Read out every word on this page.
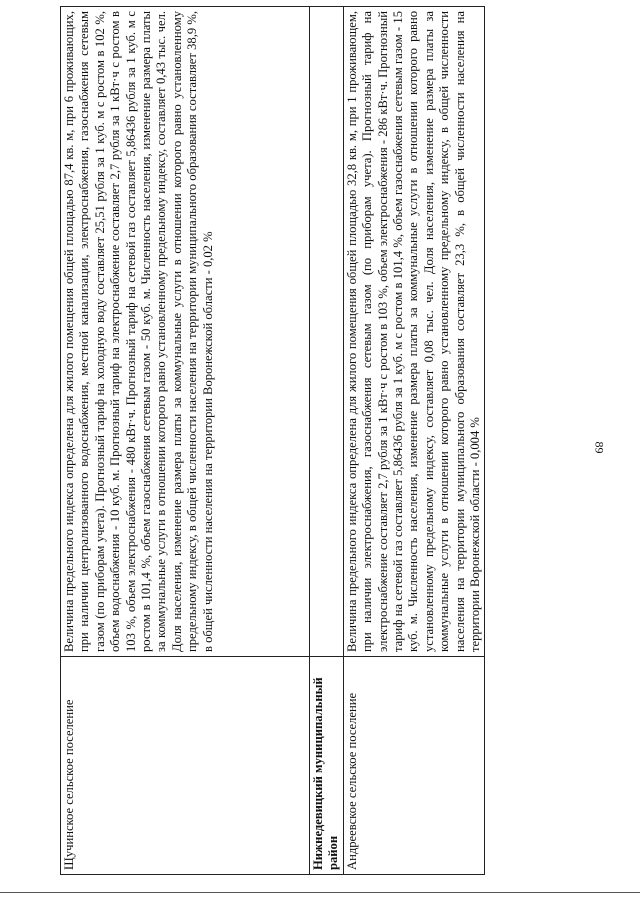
89
Щучинское сельское поселение	Величина предельного индекса определена для жилого помещения общей площадью 87,4 кв. м, при 6 проживающих, при наличии централизованного водоснабжения, местной канализации, электроснабжения, газоснабжения сетевым газом (по приборам учета). Прогнозный тариф на холодную воду составляет 25,51 рубля за 1 куб. м с ростом в 102 %, объем водоснабжения - 10 куб. м. Прогнозный тариф на электроснабжение составляет 2,7 рубля за 1 кВт·ч с ростом в 103 %, объем электроснабжения - 480 кВт·ч. Прогнозный тариф на сетевой газ составляет 5,86436 рубля за 1 куб. м с ростом в 101,4 %, объем газоснабжения сетевым газом - 50 куб. м. Численность населения, изменение размера платы за коммунальные услуги в отношении которого равно установленному предельному индексу, составляет 0,43 тыс. чел. Доля населения, изменение размера платы за коммунальные услуги в отношении которого равно установленному предельному индексу, в общей численности населения на территории муниципального образования составляет 38,9 %, в общей численности населения на территории Воронежской области - 0,02 %
Нижнедевицкий муниципальный район	
Андреевское сельское поселение	Величина предельного индекса определена для жилого помещения общей площадью 32,8 кв. м, при 1 проживающем, при наличии электроснабжения, газоснабжения сетевым газом (по приборам учета). Прогнозный тариф на электроснабжение составляет 2,7 рубля за 1 кВт·ч с ростом в 103 %, объем электроснабжения - 286 кВт·ч. Прогнозный тариф на сетевой газ составляет 5,86436 рубля за 1 куб. м с ростом в 101,4 %, объем газоснабжения сетевым газом - 15 куб. м. Численность населения, изменение размера платы за коммунальные услуги в отношении которого равно установленному предельному индексу, составляет 0,08 тыс. чел. Доля населения, изменение размера платы за коммунальные услуги в отношении которого равно установленному предельному индексу, в общей численности населения на территории муниципального образования составляет 23,3 %, в общей численности населения на территории Воронежской области - 0,004 %
